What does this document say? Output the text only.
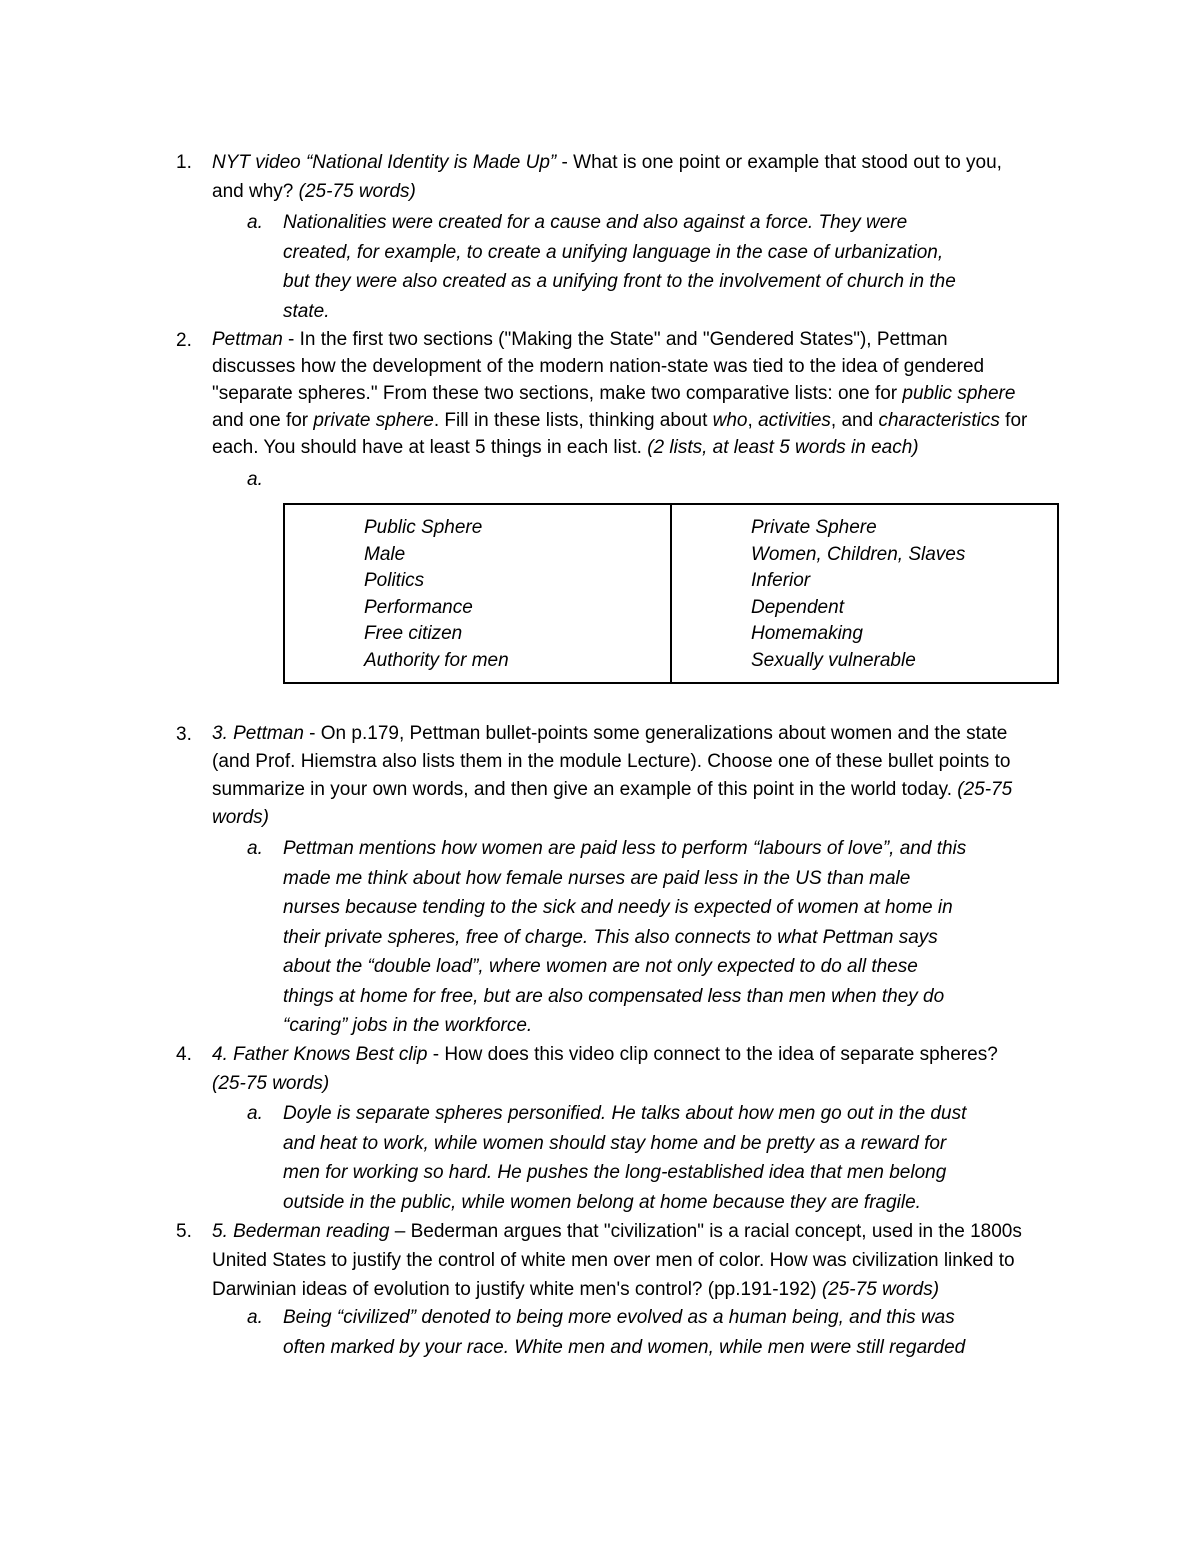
1. NYT video “National Identity is Made Up” - What is one point or example that stood out to you,
and why? (25-75 words)
a. Nationalities were created for a cause and also against a force. They were
created, for example, to create a unifying language in the case of urbanization,
but they were also created as a unifying front to the involvement of church in the
state.
2. Pettman - In the first two sections ("Making the State" and "Gendered States"), Pettman
discusses how the development of the modern nation-state was tied to the idea of gendered
"separate spheres." From these two sections, make two comparative lists: one for public sphere
and one for private sphere. Fill in these lists, thinking about who, activities, and characteristics for
each. You should have at least 5 things in each list. (2 lists, at least 5 words in each)
a.
Public Sphere
Male
Politics
Performance
Free citizen
Authority for men
Private Sphere
Women, Children, Slaves
Inferior
Dependent
Homemaking
Sexually vulnerable
3. 3. Pettman - On p.179, Pettman bullet-points some generalizations about women and the state
(and Prof. Hiemstra also lists them in the module Lecture). Choose one of these bullet points to
summarize in your own words, and then give an example of this point in the world today. (25-75
words)
a. Pettman mentions how women are paid less to perform “labours of love”, and this
made me think about how female nurses are paid less in the US than male
nurses because tending to the sick and needy is expected of women at home in
their private spheres, free of charge. This also connects to what Pettman says
about the “double load”, where women are not only expected to do all these
things at home for free, but are also compensated less than men when they do
“caring” jobs in the workforce.
4. 4. Father Knows Best clip - How does this video clip connect to the idea of separate spheres?
(25-75 words)
a. Doyle is separate spheres personified. He talks about how men go out in the dust
and heat to work, while women should stay home and be pretty as a reward for
men for working so hard. He pushes the long-established idea that men belong
outside in the public, while women belong at home because they are fragile.
5. 5. Bederman reading – Bederman argues that "civilization" is a racial concept, used in the 1800s
United States to justify the control of white men over men of color. How was civilization linked to
Darwinian ideas of evolution to justify white men's control? (pp.191-192) (25-75 words)
a. Being “civilized” denoted to being more evolved as a human being, and this was
often marked by your race. White men and women, while men were still regarded
